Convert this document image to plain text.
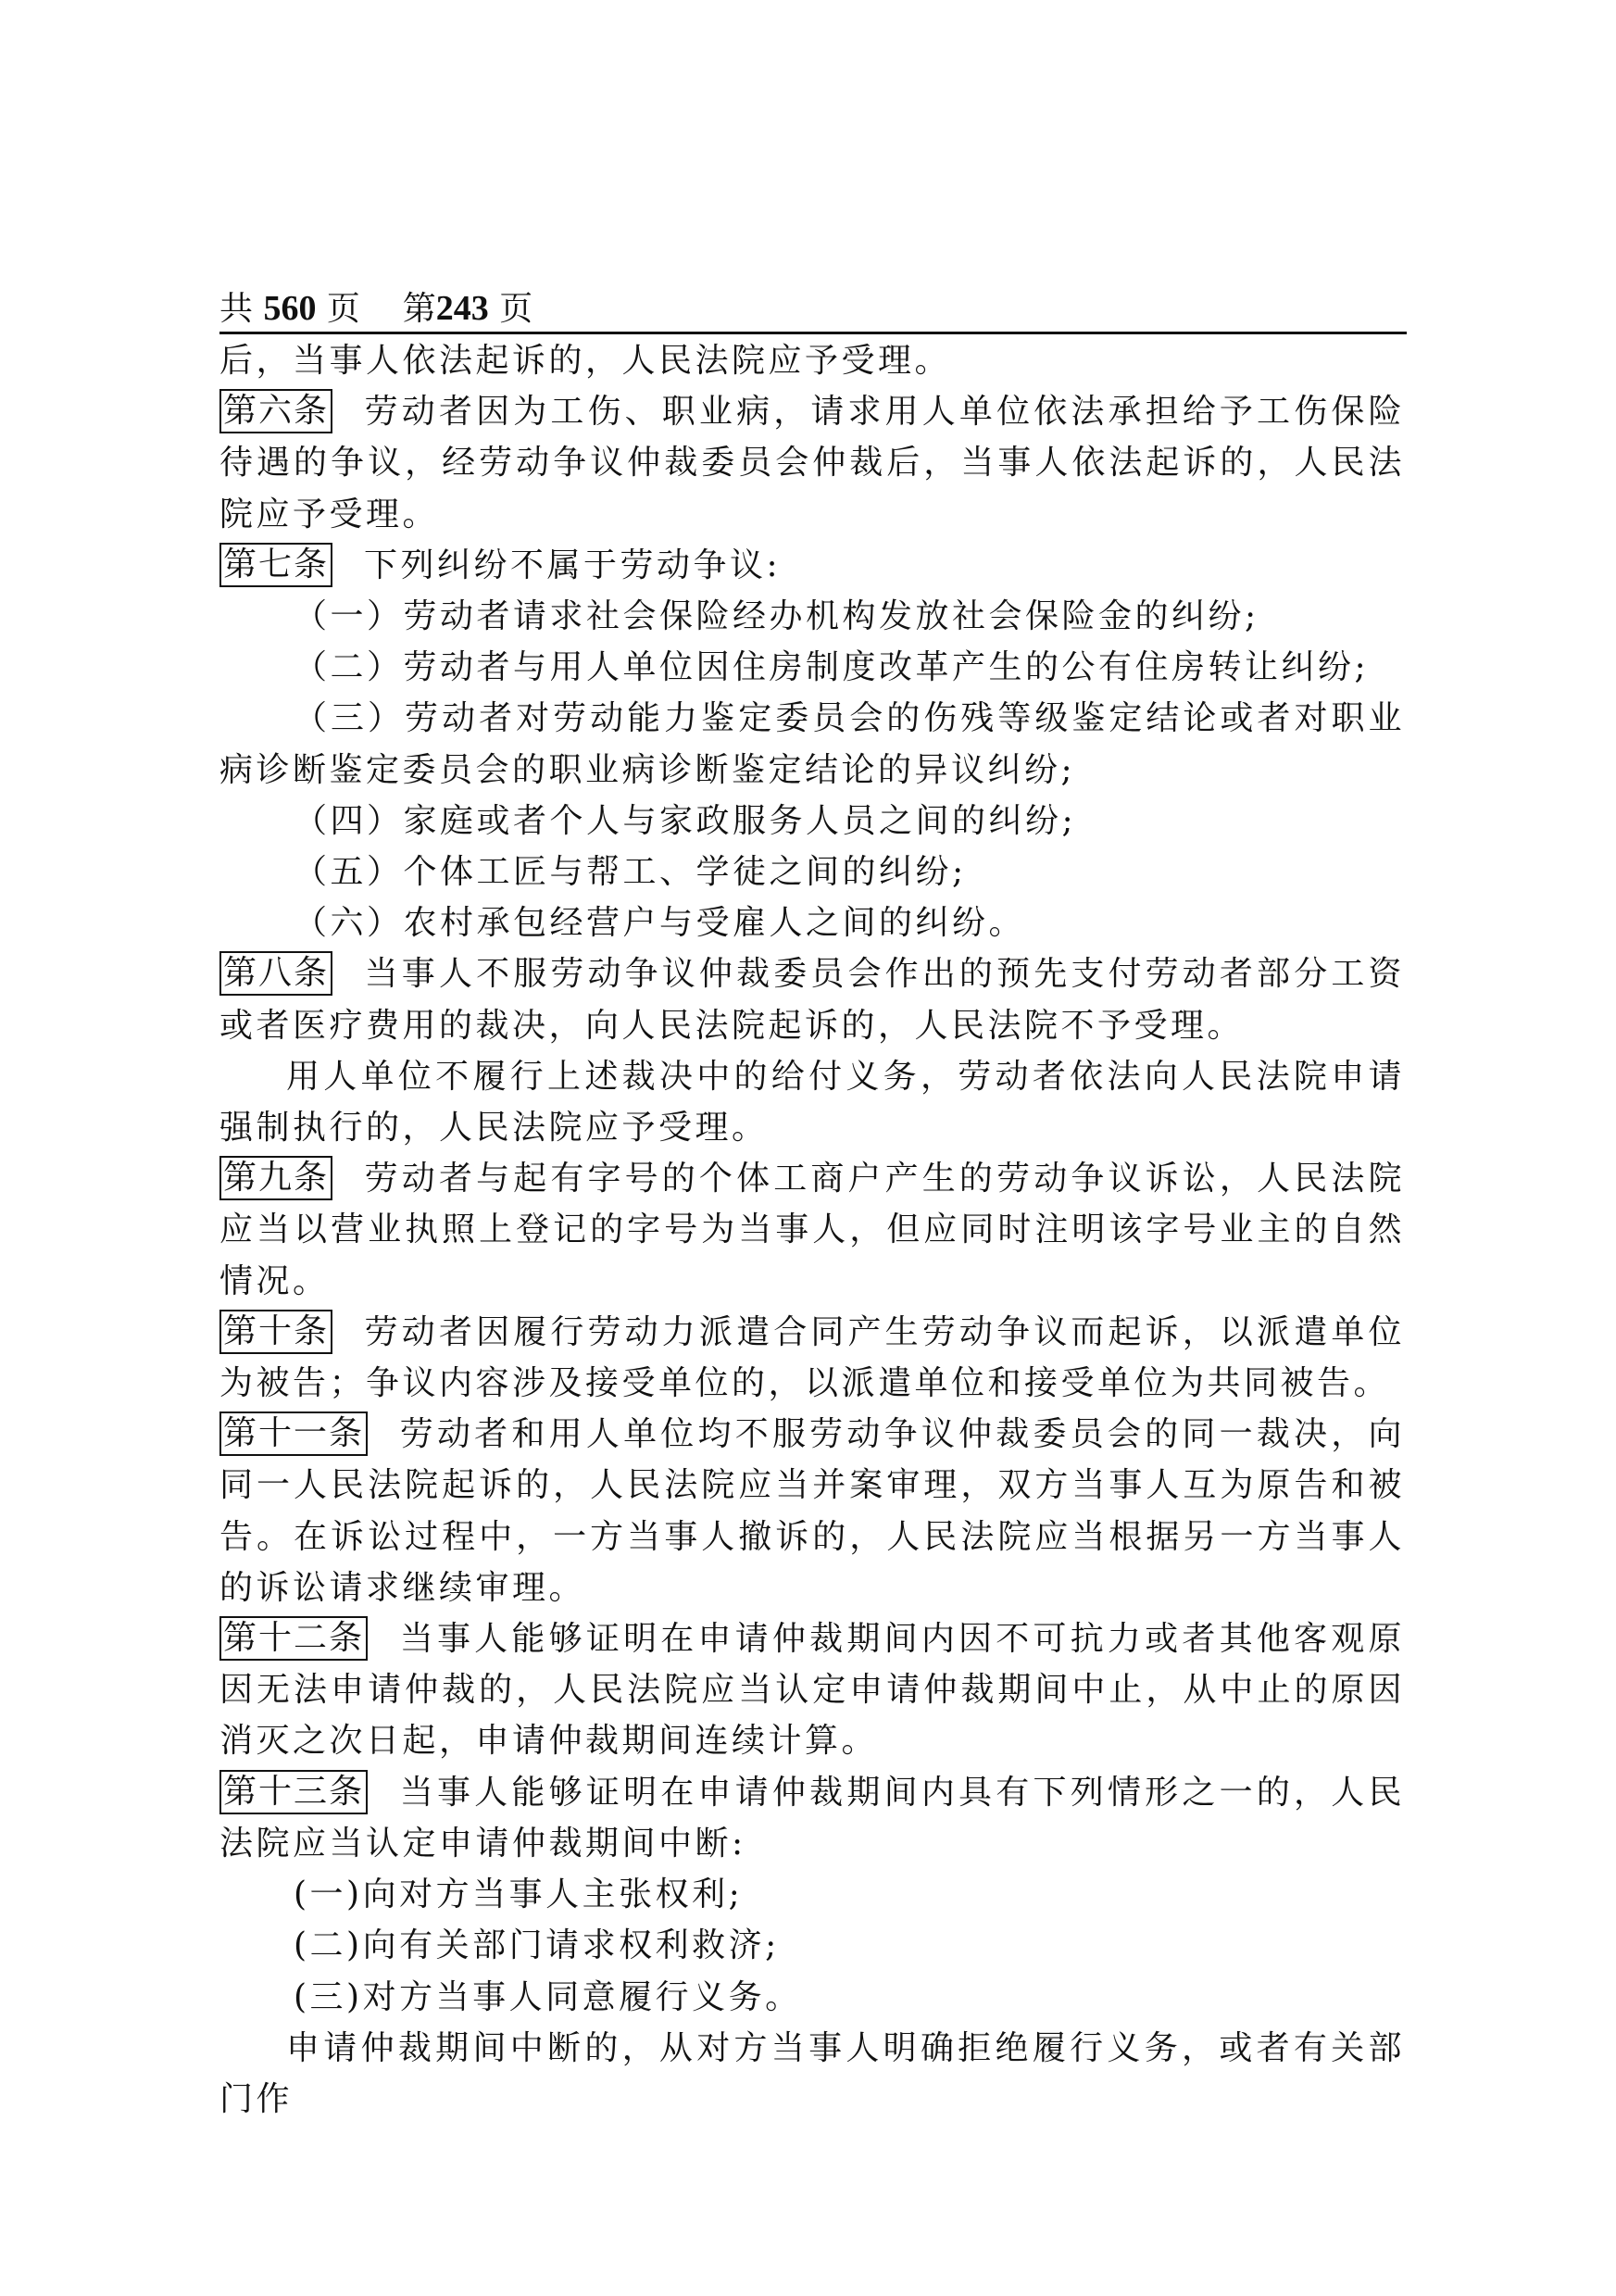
共 560 页 第243 页

后，当事人依法起诉的，人民法院应予受理。

第六条 劳动者因为工伤、职业病，请求用人单位依法承担给予工伤保险待遇的争议，经劳动争议仲裁委员会仲裁后，当事人依法起诉的，人民法院应予受理。

第七条 下列纠纷不属于劳动争议:

（一）劳动者请求社会保险经办机构发放社会保险金的纠纷;

（二）劳动者与用人单位因住房制度改革产生的公有住房转让纠纷;

（三）劳动者对劳动能力鉴定委员会的伤残等级鉴定结论或者对职业病诊断鉴定委员会的职业病诊断鉴定结论的异议纠纷;

（四）家庭或者个人与家政服务人员之间的纠纷;

（五）个体工匠与帮工、学徒之间的纠纷;

（六）农村承包经营户与受雇人之间的纠纷。

第八条 当事人不服劳动争议仲裁委员会作出的预先支付劳动者部分工资或者医疗费用的裁决，向人民法院起诉的，人民法院不予受理。

用人单位不履行上述裁决中的给付义务，劳动者依法向人民法院申请强制执行的，人民法院应予受理。

第九条 劳动者与起有字号的个体工商户产生的劳动争议诉讼，人民法院应当以营业执照上登记的字号为当事人，但应同时注明该字号业主的自然情况。

第十条 劳动者因履行劳动力派遣合同产生劳动争议而起诉，以派遣单位为被告；争议内容涉及接受单位的，以派遣单位和接受单位为共同被告。

第十一条 劳动者和用人单位均不服劳动争议仲裁委员会的同一裁决，向同一人民法院起诉的，人民法院应当并案审理，双方当事人互为原告和被告。在诉讼过程中，一方当事人撤诉的，人民法院应当根据另一方当事人的诉讼请求继续审理。

第十二条 当事人能够证明在申请仲裁期间内因不可抗力或者其他客观原因无法申请仲裁的，人民法院应当认定申请仲裁期间中止，从中止的原因消灭之次日起，申请仲裁期间连续计算。

第十三条 当事人能够证明在申请仲裁期间内具有下列情形之一的，人民法院应当认定申请仲裁期间中断:

(一)向对方当事人主张权利;

(二)向有关部门请求权利救济;

(三)对方当事人同意履行义务。

申请仲裁期间中断的，从对方当事人明确拒绝履行义务，或者有关部门作
